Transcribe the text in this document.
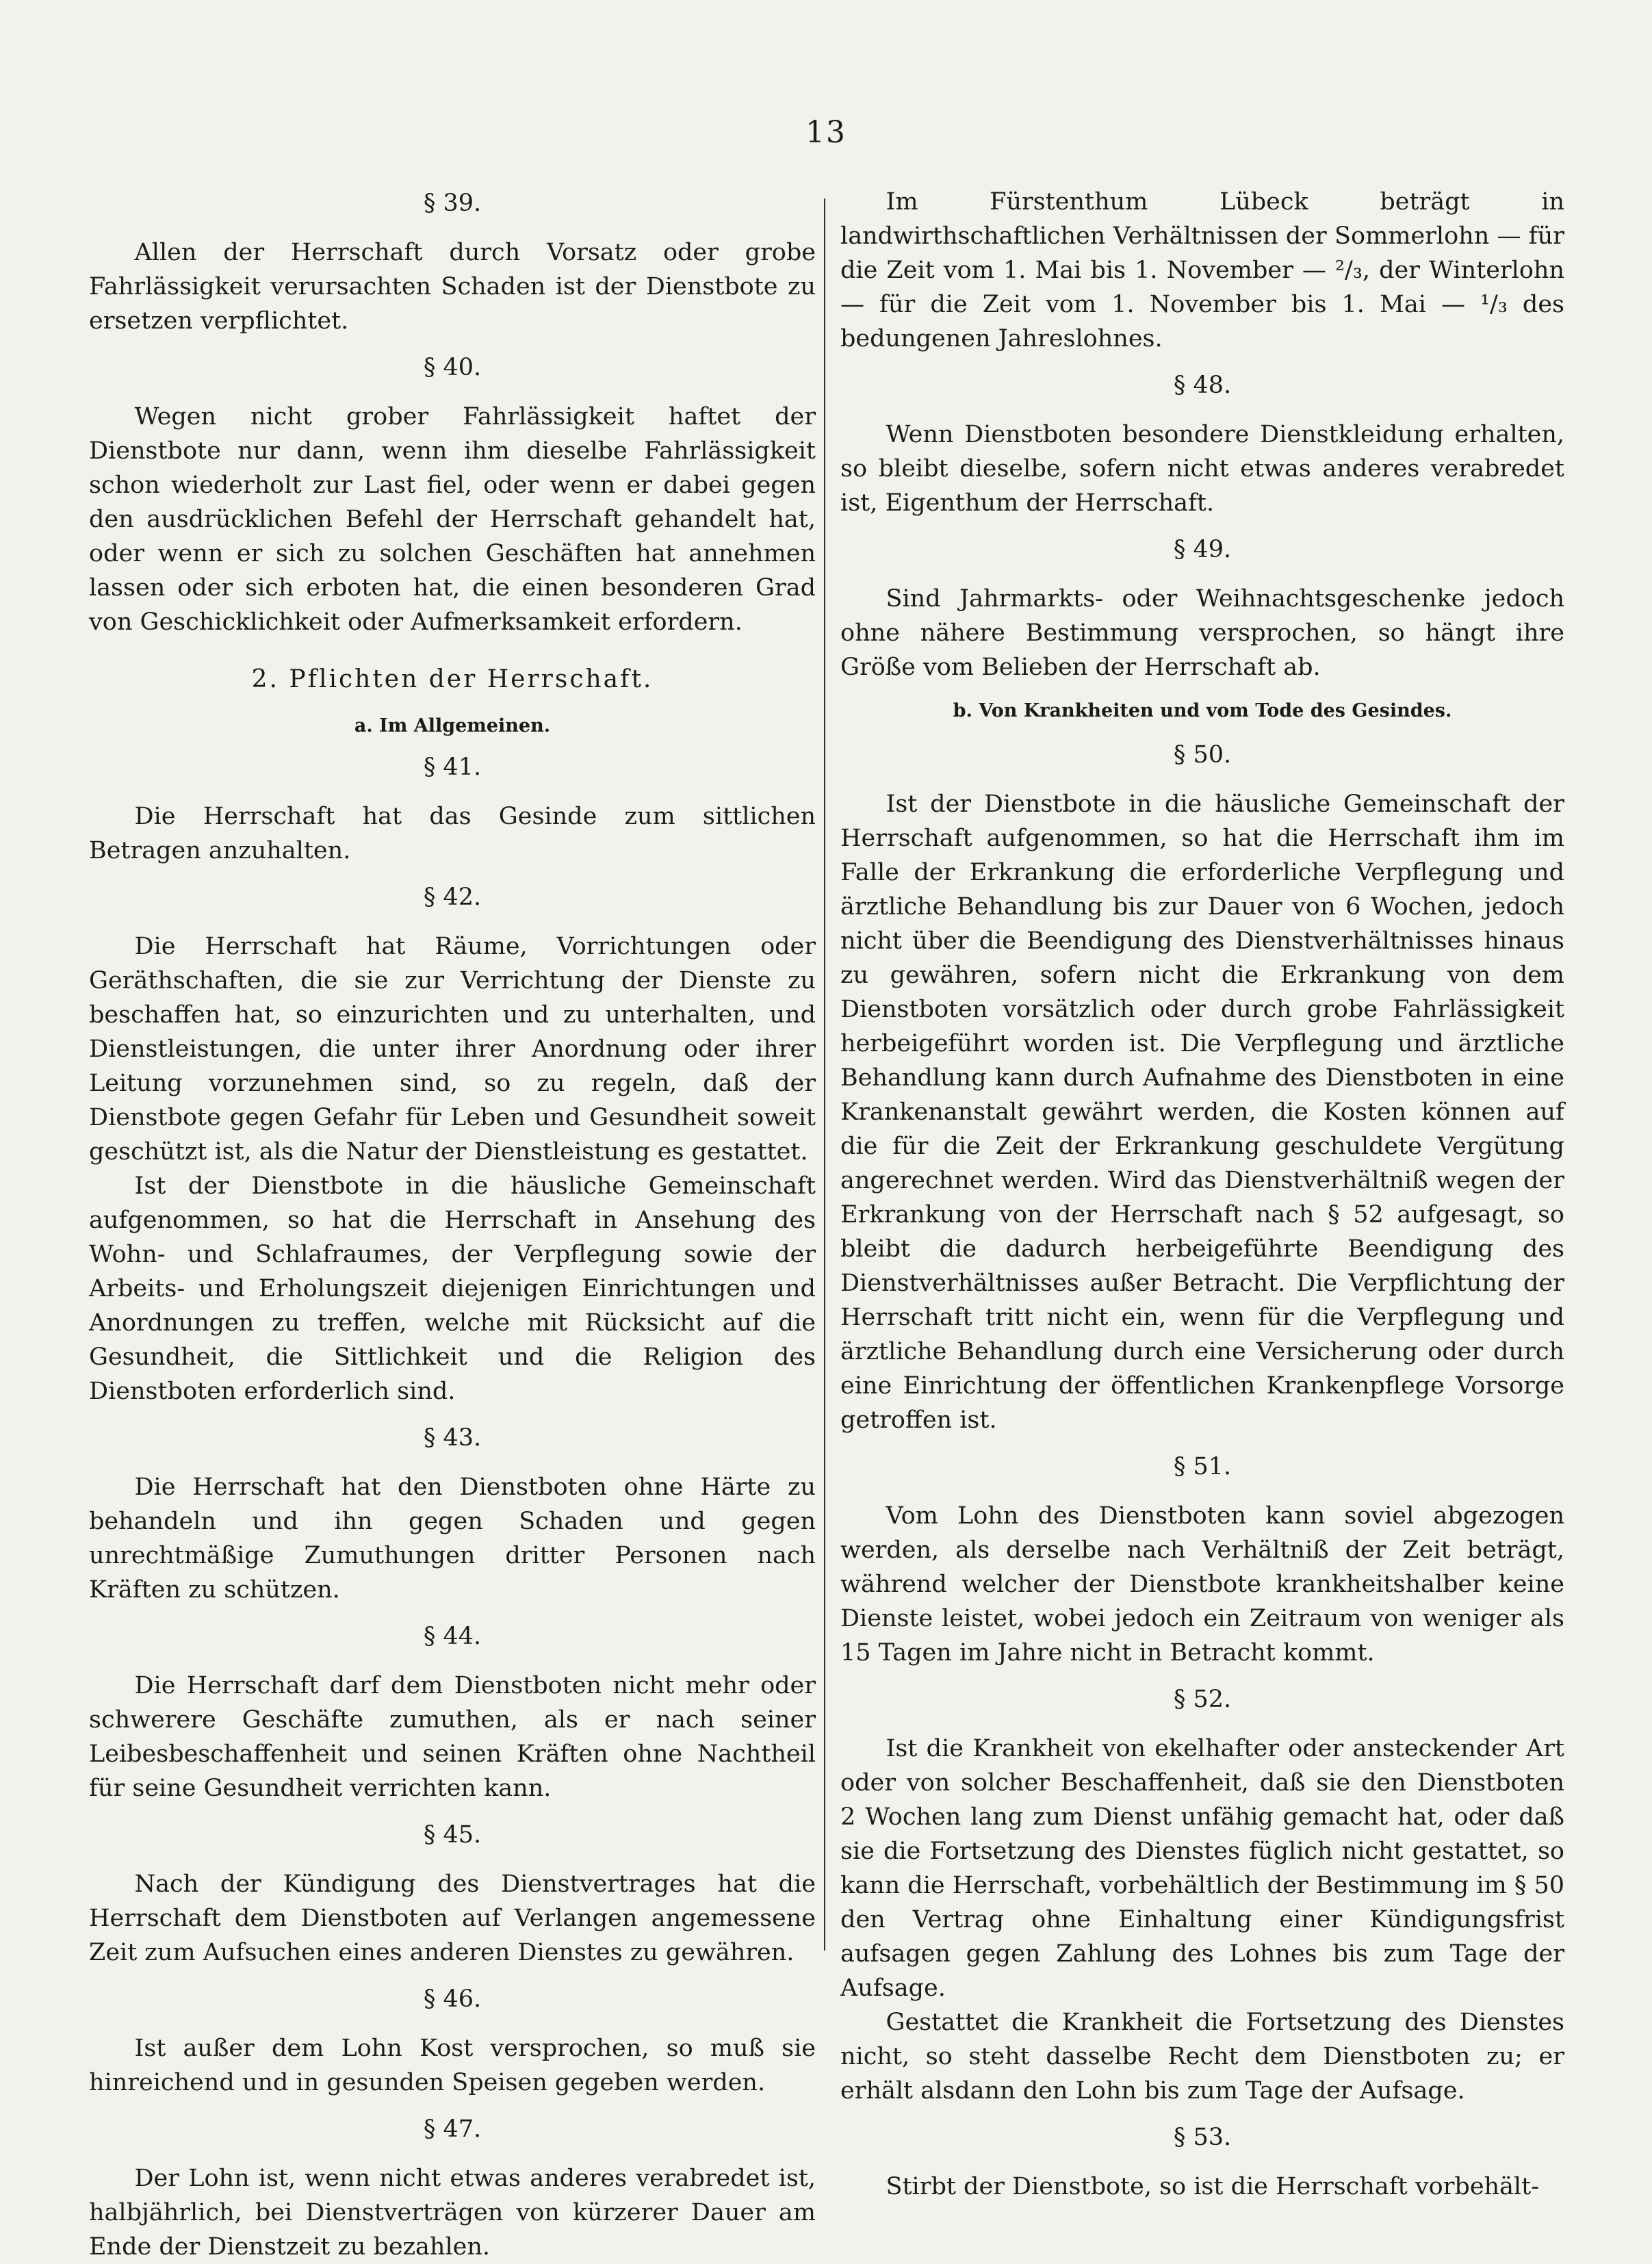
13

§ 39.

Allen der Herrschaft durch Vorsatz oder grobe Fahrlässigkeit verursachten Schaden ist der Dienstbote zu ersetzen verpflichtet.

§ 40.

Wegen nicht grober Fahrlässigkeit haftet der Dienstbote nur dann, wenn ihm dieselbe Fahrlässigkeit schon wiederholt zur Last fiel, oder wenn er dabei gegen den ausdrücklichen Befehl der Herrschaft gehandelt hat, oder wenn er sich zu solchen Geschäften hat annehmen lassen oder sich erboten hat, die einen besonderen Grad von Geschicklichkeit oder Aufmerksamkeit erfordern.

2. Pflichten der Herrschaft.

a. Im Allgemeinen.

§ 41.

Die Herrschaft hat das Gesinde zum sittlichen Betragen anzuhalten.

§ 42.

Die Herrschaft hat Räume, Vorrichtungen oder Geräthschaften, die sie zur Verrichtung der Dienste zu beschaffen hat, so einzurichten und zu unterhalten, und Dienstleistungen, die unter ihrer Anordnung oder ihrer Leitung vorzunehmen sind, so zu regeln, daß der Dienstbote gegen Gefahr für Leben und Gesundheit soweit geschützt ist, als die Natur der Dienstleistung es gestattet.

Ist der Dienstbote in die häusliche Gemeinschaft aufgenommen, so hat die Herrschaft in Ansehung des Wohn- und Schlafraumes, der Verpflegung sowie der Arbeits- und Erholungszeit diejenigen Einrichtungen und Anordnungen zu treffen, welche mit Rücksicht auf die Gesundheit, die Sittlichkeit und die Religion des Dienstboten erforderlich sind.

§ 43.

Die Herrschaft hat den Dienstboten ohne Härte zu behandeln und ihn gegen Schaden und gegen unrechtmäßige Zumuthungen dritter Personen nach Kräften zu schützen.

§ 44.

Die Herrschaft darf dem Dienstboten nicht mehr oder schwerere Geschäfte zumuthen, als er nach seiner Leibesbeschaffenheit und seinen Kräften ohne Nachtheil für seine Gesundheit verrichten kann.

§ 45.

Nach der Kündigung des Dienstvertrages hat die Herrschaft dem Dienstboten auf Verlangen angemessene Zeit zum Aufsuchen eines anderen Dienstes zu gewähren.

§ 46.

Ist außer dem Lohn Kost versprochen, so muß sie hinreichend und in gesunden Speisen gegeben werden.

§ 47.

Der Lohn ist, wenn nicht etwas anderes verabredet ist, halbjährlich, bei Dienstverträgen von kürzerer Dauer am Ende der Dienstzeit zu bezahlen.

Im Fürstenthum Lübeck beträgt in landwirthschaftlichen Verhältnissen der Sommerlohn — für die Zeit vom 1. Mai bis 1. November — ²/₃, der Winterlohn — für die Zeit vom 1. November bis 1. Mai — ¹/₃ des bedungenen Jahreslohnes.

§ 48.

Wenn Dienstboten besondere Dienstkleidung erhalten, so bleibt dieselbe, sofern nicht etwas anderes verabredet ist, Eigenthum der Herrschaft.

§ 49.

Sind Jahrmarkts- oder Weihnachtsgeschenke jedoch ohne nähere Bestimmung versprochen, so hängt ihre Größe vom Belieben der Herrschaft ab.

b. Von Krankheiten und vom Tode des Gesindes.

§ 50.

Ist der Dienstbote in die häusliche Gemeinschaft der Herrschaft aufgenommen, so hat die Herrschaft ihm im Falle der Erkrankung die erforderliche Verpflegung und ärztliche Behandlung bis zur Dauer von 6 Wochen, jedoch nicht über die Beendigung des Dienstverhältnisses hinaus zu gewähren, sofern nicht die Erkrankung von dem Dienstboten vorsätzlich oder durch grobe Fahrlässigkeit herbeigeführt worden ist. Die Verpflegung und ärztliche Behandlung kann durch Aufnahme des Dienstboten in eine Krankenanstalt gewährt werden, die Kosten können auf die für die Zeit der Erkrankung geschuldete Vergütung angerechnet werden. Wird das Dienstverhältniß wegen der Erkrankung von der Herrschaft nach § 52 aufgesagt, so bleibt die dadurch herbeigeführte Beendigung des Dienstverhältnisses außer Betracht. Die Verpflichtung der Herrschaft tritt nicht ein, wenn für die Verpflegung und ärztliche Behandlung durch eine Versicherung oder durch eine Einrichtung der öffentlichen Krankenpflege Vorsorge getroffen ist.

§ 51.

Vom Lohn des Dienstboten kann soviel abgezogen werden, als derselbe nach Verhältniß der Zeit beträgt, während welcher der Dienstbote krankheitshalber keine Dienste leistet, wobei jedoch ein Zeitraum von weniger als 15 Tagen im Jahre nicht in Betracht kommt.

§ 52.

Ist die Krankheit von ekelhafter oder ansteckender Art oder von solcher Beschaffenheit, daß sie den Dienstboten 2 Wochen lang zum Dienst unfähig gemacht hat, oder daß sie die Fortsetzung des Dienstes füglich nicht gestattet, so kann die Herrschaft, vorbehältlich der Bestimmung im § 50 den Vertrag ohne Einhaltung einer Kündigungsfrist aufsagen gegen Zahlung des Lohnes bis zum Tage der Aufsage.

Gestattet die Krankheit die Fortsetzung des Dienstes nicht, so steht dasselbe Recht dem Dienstboten zu; er erhält alsdann den Lohn bis zum Tage der Aufsage.

§ 53.

Stirbt der Dienstbote, so ist die Herrschaft vorbehält-
